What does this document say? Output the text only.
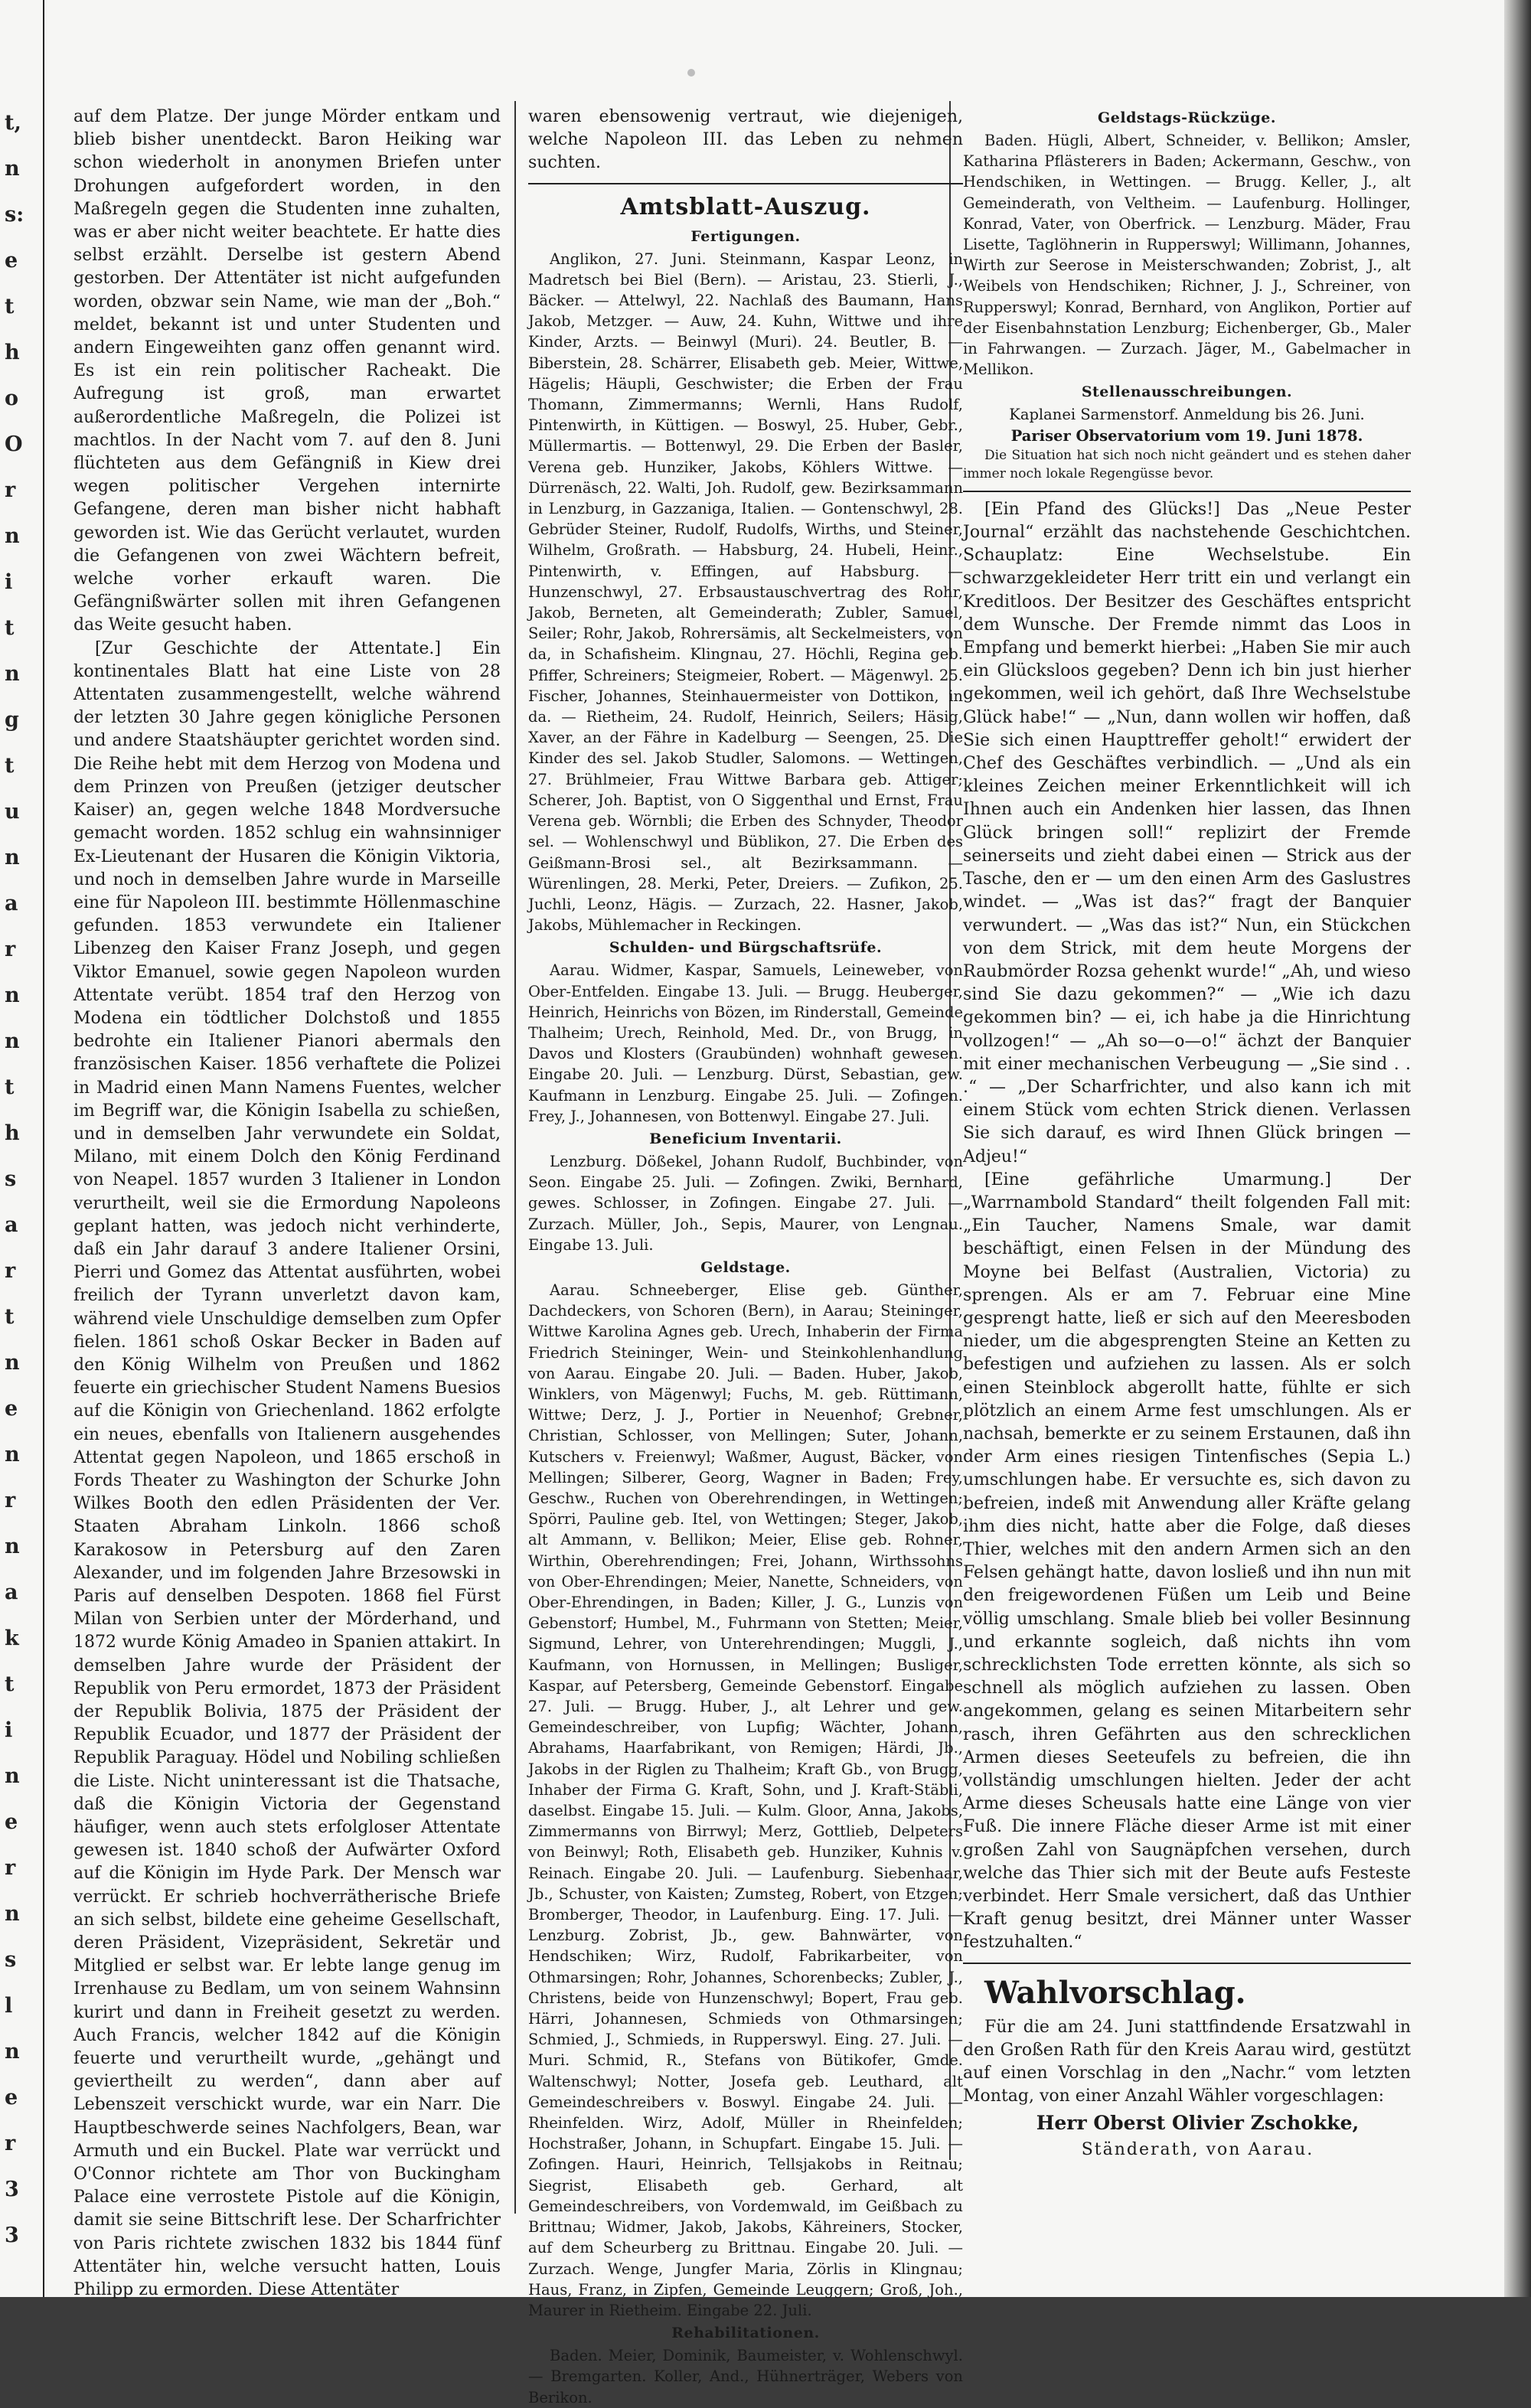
t,
n
s:
e
t
h
o
O
r
n
i
t
n
g
t
u
n
a
r
n
n
t
h
s
a
r
t
n
e
n
r
n
a
k
t
i
n
e
r
n
s
l
n
e
r
3
3

auf dem Platze. Der junge Mörder entkam und blieb bisher unentdeckt. Baron Heiking war schon wiederholt in anonymen Briefen unter Drohungen aufgefordert worden, in den Maßregeln gegen die Studenten inne zuhalten, was er aber nicht weiter beachtete. Er hatte dies selbst erzählt. Derselbe ist gestern Abend gestorben. Der Attentäter ist nicht aufgefunden worden, obzwar sein Name, wie man der „Boh.“ meldet, bekannt ist und unter Studenten und andern Eingeweihten ganz offen genannt wird. Es ist ein rein politischer Racheakt. Die Aufregung ist groß, man erwartet außerordentliche Maßregeln, die Polizei ist machtlos. In der Nacht vom 7. auf den 8. Juni flüchteten aus dem Gefängniß in Kiew drei wegen politischer Vergehen internirte Gefangene, deren man bisher nicht habhaft geworden ist. Wie das Gerücht verlautet, wurden die Gefangenen von zwei Wächtern befreit, welche vorher erkauft waren. Die Gefängnißwärter sollen mit ihren Gefangenen das Weite gesucht haben.

[Zur Geschichte der Attentate.] Ein kontinentales Blatt hat eine Liste von 28 Attentaten zusammengestellt, welche während der letzten 30 Jahre gegen königliche Personen und andere Staatshäupter gerichtet worden sind. Die Reihe hebt mit dem Herzog von Modena und dem Prinzen von Preußen (jetziger deutscher Kaiser) an, gegen welche 1848 Mordversuche gemacht worden. 1852 schlug ein wahnsinniger Ex-Lieutenant der Husaren die Königin Viktoria, und noch in demselben Jahre wurde in Marseille eine für Napoleon III. bestimmte Höllenmaschine gefunden. 1853 verwundete ein Italiener Libenzeg den Kaiser Franz Joseph, und gegen Viktor Emanuel, sowie gegen Napoleon wurden Attentate verübt. 1854 traf den Herzog von Modena ein tödtlicher Dolchstoß und 1855 bedrohte ein Italiener Pianori abermals den französischen Kaiser. 1856 verhaftete die Polizei in Madrid einen Mann Namens Fuentes, welcher im Begriff war, die Königin Isabella zu schießen, und in demselben Jahr verwundete ein Soldat, Milano, mit einem Dolch den König Ferdinand von Neapel. 1857 wurden 3 Italiener in London verurtheilt, weil sie die Ermordung Napoleons geplant hatten, was jedoch nicht verhinderte, daß ein Jahr darauf 3 andere Italiener Orsini, Pierri und Gomez das Attentat ausführten, wobei freilich der Tyrann unverletzt davon kam, während viele Unschuldige demselben zum Opfer fielen. 1861 schoß Oskar Becker in Baden auf den König Wilhelm von Preußen und 1862 feuerte ein griechischer Student Namens Buesios auf die Königin von Griechenland. 1862 erfolgte ein neues, ebenfalls von Italienern ausgehendes Attentat gegen Napoleon, und 1865 erschoß in Fords Theater zu Washington der Schurke John Wilkes Booth den edlen Präsidenten der Ver. Staaten Abraham Linkoln. 1866 schoß Karakosow in Petersburg auf den Zaren Alexander, und im folgenden Jahre Brzesowski in Paris auf denselben Despoten. 1868 fiel Fürst Milan von Serbien unter der Mörderhand, und 1872 wurde König Amadeo in Spanien attakirt. In demselben Jahre wurde der Präsident der Republik von Peru ermordet, 1873 der Präsident der Republik Bolivia, 1875 der Präsident der Republik Ecuador, und 1877 der Präsident der Republik Paraguay. Hödel und Nobiling schließen die Liste. Nicht uninteressant ist die Thatsache, daß die Königin Victoria der Gegenstand häufiger, wenn auch stets erfolgloser Attentate gewesen ist. 1840 schoß der Aufwärter Oxford auf die Königin im Hyde Park. Der Mensch war verrückt. Er schrieb hochverrätherische Briefe an sich selbst, bildete eine geheime Gesellschaft, deren Präsident, Vizepräsident, Sekretär und Mitglied er selbst war. Er lebte lange genug im Irrenhause zu Bedlam, um von seinem Wahnsinn kurirt und dann in Freiheit gesetzt zu werden. Auch Francis, welcher 1842 auf die Königin feuerte und verurtheilt wurde, „gehängt und geviertheilt zu werden“, dann aber auf Lebenszeit verschickt wurde, war ein Narr. Die Hauptbeschwerde seines Nachfolgers, Bean, war Armuth und ein Buckel. Plate war verrückt und O'Connor richtete am Thor von Buckingham Palace eine verrostete Pistole auf die Königin, damit sie seine Bittschrift lese. Der Scharfrichter von Paris richtete zwischen 1832 bis 1844 fünf Attentäter hin, welche versucht hatten, Louis Philipp zu ermorden. Diese Attentäter

waren ebensowenig vertraut, wie diejenigen, welche Napoleon III. das Leben zu nehmen suchten.

Amtsblatt-Auszug.
Fertigungen.

Anglikon, 27. Juni. Steinmann, Kaspar Leonz, in Madretsch bei Biel (Bern). — Aristau, 23. Stierli, J., Bäcker. — Attelwyl, 22. Nachlaß des Baumann, Hans Jakob, Metzger. — Auw, 24. Kuhn, Wittwe und ihre Kinder, Arzts. — Beinwyl (Muri). 24. Beutler, B. — Biberstein, 28. Schärrer, Elisabeth geb. Meier, Wittwe, Hägelis; Häupli, Geschwister; die Erben der Frau Thomann, Zimmermanns; Wernli, Hans Rudolf, Pintenwirth, in Küttigen. — Boswyl, 25. Huber, Gebr., Müllermartis. — Bottenwyl, 29. Die Erben der Basler, Verena geb. Hunziker, Jakobs, Köhlers Wittwe. — Dürrenäsch, 22. Walti, Joh. Rudolf, gew. Bezirksammann in Lenzburg, in Gazzaniga, Italien. — Gontenschwyl, 28. Gebrüder Steiner, Rudolf, Rudolfs, Wirths, und Steiner, Wilhelm, Großrath. — Habsburg, 24. Hubeli, Heinr., Pintenwirth, v. Effingen, auf Habsburg. — Hunzenschwyl, 27. Erbsaustauschvertrag des Rohr, Jakob, Berneten, alt Gemeinderath; Zubler, Samuel, Seiler; Rohr, Jakob, Rohrersämis, alt Seckelmeisters, von da, in Schafisheim. Klingnau, 27. Höchli, Regina geb. Pfiffer, Schreiners; Steigmeier, Robert. — Mägenwyl. 25. Fischer, Johannes, Steinhauermeister von Dottikon, in da. — Rietheim, 24. Rudolf, Heinrich, Seilers; Häsig, Xaver, an der Fähre in Kadelburg — Seengen, 25. Die Kinder des sel. Jakob Studler, Salomons. — Wettingen, 27. Brühlmeier, Frau Wittwe Barbara geb. Attiger; Scherer, Joh. Baptist, von O Siggenthal und Ernst, Frau Verena geb. Wörnbli; die Erben des Schnyder, Theodor sel. — Wohlenschwyl und Büblikon, 27. Die Erben des Geißmann-Brosi sel., alt Bezirksammann. — Würenlingen, 28. Merki, Peter, Dreiers. — Zufikon, 25. Juchli, Leonz, Hägis. — Zurzach, 22. Hasner, Jakob, Jakobs, Mühlemacher in Reckingen.

Schulden- und Bürgschaftsrüfe.

Aarau. Widmer, Kaspar, Samuels, Leineweber, von Ober-Entfelden. Eingabe 13. Juli. — Brugg. Heuberger, Heinrich, Heinrichs von Bözen, im Rinderstall, Gemeinde Thalheim; Urech, Reinhold, Med. Dr., von Brugg, in Davos und Klosters (Graubünden) wohnhaft gewesen. Eingabe 20. Juli. — Lenzburg. Dürst, Sebastian, gew. Kaufmann in Lenzburg. Eingabe 25. Juli. — Zofingen. Frey, J., Johannesen, von Bottenwyl. Eingabe 27. Juli.

Beneficium Inventarii.

Lenzburg. Dößekel, Johann Rudolf, Buchbinder, von Seon. Eingabe 25. Juli. — Zofingen. Zwiki, Bernhard, gewes. Schlosser, in Zofingen. Eingabe 27. Juli. — Zurzach. Müller, Joh., Sepis, Maurer, von Lengnau. Eingabe 13. Juli.

Geldstage.

Aarau. Schneeberger, Elise geb. Günther, Dachdeckers, von Schoren (Bern), in Aarau; Steininger, Wittwe Karolina Agnes geb. Urech, Inhaberin der Firma Friedrich Steininger, Wein- und Steinkohlenhandlung von Aarau. Eingabe 20. Juli. — Baden. Huber, Jakob, Winklers, von Mägenwyl; Fuchs, M. geb. Rüttimann, Wittwe; Derz, J. J., Portier in Neuenhof; Grebner, Christian, Schlosser, von Mellingen; Suter, Johann, Kutschers v. Freienwyl; Waßmer, August, Bäcker, von Mellingen; Silberer, Georg, Wagner in Baden; Frey, Geschw., Ruchen von Oberehrendingen, in Wettingen; Spörri, Pauline geb. Itel, von Wettingen; Steger, Jakob, alt Ammann, v. Bellikon; Meier, Elise geb. Rohner, Wirthin, Oberehrendingen; Frei, Johann, Wirthssohns von Ober-Ehrendingen; Meier, Nanette, Schneiders, von Ober-Ehrendingen, in Baden; Killer, J. G., Lunzis von Gebenstorf; Humbel, M., Fuhrmann von Stetten; Meier, Sigmund, Lehrer, von Unterehrendingen; Muggli, J., Kaufmann, von Hornussen, in Mellingen; Busliger, Kaspar, auf Petersberg, Gemeinde Gebenstorf. Eingabe 27. Juli. — Brugg. Huber, J., alt Lehrer und gew. Gemeindeschreiber, von Lupfig; Wächter, Johann, Abrahams, Haarfabrikant, von Remigen; Härdi, Jb., Jakobs in der Riglen zu Thalheim; Kraft Gb., von Brugg, Inhaber der Firma G. Kraft, Sohn, und J. Kraft-Stäbli, daselbst. Eingabe 15. Juli. — Kulm. Gloor, Anna, Jakobs, Zimmermanns von Birrwyl; Merz, Gottlieb, Delpeters von Beinwyl; Roth, Elisabeth geb. Hunziker, Kuhnis v. Reinach. Eingabe 20. Juli. — Laufenburg. Siebenhaar, Jb., Schuster, von Kaisten; Zumsteg, Robert, von Etzgen; Bromberger, Theodor, in Laufenburg. Eing. 17. Juli. — Lenzburg. Zobrist, Jb., gew. Bahnwärter, von Hendschiken; Wirz, Rudolf, Fabrikarbeiter, von Othmarsingen; Rohr, Johannes, Schorenbecks; Zubler, J., Christens, beide von Hunzenschwyl; Bopert, Frau geb. Härri, Johannesen, Schmieds von Othmarsingen; Schmied, J., Schmieds, in Rupperswyl. Eing. 27. Juli. — Muri. Schmid, R., Stefans von Bütikofer, Gmde. Waltenschwyl; Notter, Josefa geb. Leuthard, alt Gemeindeschreibers v. Boswyl. Eingabe 24. Juli. — Rheinfelden. Wirz, Adolf, Müller in Rheinfelden; Hochstraßer, Johann, in Schupfart. Eingabe 15. Juli. — Zofingen. Hauri, Heinrich, Tellsjakobs in Reitnau; Siegrist, Elisabeth geb. Gerhard, alt Gemeindeschreibers, von Vordemwald, im Geißbach zu Brittnau; Widmer, Jakob, Jakobs, Kähreiners, Stocker, auf dem Scheurberg zu Brittnau. Eingabe 20. Juli. — Zurzach. Wenge, Jungfer Maria, Zörlis in Klingnau; Haus, Franz, in Zipfen, Gemeinde Leuggern; Groß, Joh., Maurer in Rietheim. Eingabe 22. Juli.

Rehabilitationen.

Baden. Meier, Dominik, Baumeister, v. Wohlenschwyl. — Bremgarten. Koller, And., Hühnerträger, Webers von Berikon.

Geldstags-Rückzüge.

Baden. Hügli, Albert, Schneider, v. Bellikon; Amsler, Katharina Pflästerers in Baden; Ackermann, Geschw., von Hendschiken, in Wettingen. — Brugg. Keller, J., alt Gemeinderath, von Veltheim. — Laufenburg. Hollinger, Konrad, Vater, von Oberfrick. — Lenzburg. Mäder, Frau Lisette, Taglöhnerin in Rupperswyl; Willimann, Johannes, Wirth zur Seerose in Meisterschwanden; Zobrist, J., alt Weibels von Hendschiken; Richner, J. J., Schreiner, von Rupperswyl; Konrad, Bernhard, von Anglikon, Portier auf der Eisenbahnstation Lenzburg; Eichenberger, Gb., Maler in Fahrwangen. — Zurzach. Jäger, M., Gabelmacher in Mellikon.

Stellenausschreibungen.

Kaplanei Sarmenstorf. Anmeldung bis 26. Juni.

Pariser Observatorium vom 19. Juni 1878.

Die Situation hat sich noch nicht geändert und es stehen daher immer noch lokale Regengüsse bevor.

[Ein Pfand des Glücks!] Das „Neue Pester Journal“ erzählt das nachstehende Geschichtchen. Schauplatz: Eine Wechselstube. Ein schwarzgekleideter Herr tritt ein und verlangt ein Kreditloos. Der Besitzer des Geschäftes entspricht dem Wunsche. Der Fremde nimmt das Loos in Empfang und bemerkt hierbei: „Haben Sie mir auch ein Glücksloos gegeben? Denn ich bin just hierher gekommen, weil ich gehört, daß Ihre Wechselstube Glück habe!“ — „Nun, dann wollen wir hoffen, daß Sie sich einen Haupttreffer geholt!“ erwidert der Chef des Geschäftes verbindlich. — „Und als ein kleines Zeichen meiner Erkenntlichkeit will ich Ihnen auch ein Andenken hier lassen, das Ihnen Glück bringen soll!“ replizirt der Fremde seinerseits und zieht dabei einen — Strick aus der Tasche, den er — um den einen Arm des Gaslustres windet. — „Was ist das?“ fragt der Banquier verwundert. — „Was das ist?“ Nun, ein Stückchen von dem Strick, mit dem heute Morgens der Raubmörder Rozsa gehenkt wurde!“ „Ah, und wieso sind Sie dazu gekommen?“ — „Wie ich dazu gekommen bin? — ei, ich habe ja die Hinrichtung vollzogen!“ — „Ah so—o—o!“ ächzt der Banquier mit einer mechanischen Verbeugung — „Sie sind . . .“ — „Der Scharfrichter, und also kann ich mit einem Stück vom echten Strick dienen. Verlassen Sie sich darauf, es wird Ihnen Glück bringen — Adjeu!“

[Eine gefährliche Umarmung.] Der „Warrnambold Standard“ theilt folgenden Fall mit: „Ein Taucher, Namens Smale, war damit beschäftigt, einen Felsen in der Mündung des Moyne bei Belfast (Australien, Victoria) zu sprengen. Als er am 7. Februar eine Mine gesprengt hatte, ließ er sich auf den Meeresboden nieder, um die abgesprengten Steine an Ketten zu befestigen und aufziehen zu lassen. Als er solch einen Steinblock abgerollt hatte, fühlte er sich plötzlich an einem Arme fest umschlungen. Als er nachsah, bemerkte er zu seinem Erstaunen, daß ihn der Arm eines riesigen Tintenfisches (Sepia L.) umschlungen habe. Er versuchte es, sich davon zu befreien, indeß mit Anwendung aller Kräfte gelang ihm dies nicht, hatte aber die Folge, daß dieses Thier, welches mit den andern Armen sich an den Felsen gehängt hatte, davon losließ und ihn nun mit den freigewordenen Füßen um Leib und Beine völlig umschlang. Smale blieb bei voller Besinnung und erkannte sogleich, daß nichts ihn vom schrecklichsten Tode erretten könnte, als sich so schnell als möglich aufziehen zu lassen. Oben angekommen, gelang es seinen Mitarbeitern sehr rasch, ihren Gefährten aus den schrecklichen Armen dieses Seeteufels zu befreien, die ihn vollständig umschlungen hielten. Jeder der acht Arme dieses Scheusals hatte eine Länge von vier Fuß. Die innere Fläche dieser Arme ist mit einer großen Zahl von Saugnäpfchen versehen, durch welche das Thier sich mit der Beute aufs Festeste verbindet. Herr Smale versichert, daß das Unthier Kraft genug besitzt, drei Männer unter Wasser festzuhalten.“

Wahlvorschlag.

Für die am 24. Juni stattfindende Ersatzwahl in den Großen Rath für den Kreis Aarau wird, gestützt auf einen Vorschlag in den „Nachr.“ vom letzten Montag, von einer Anzahl Wähler vorgeschlagen:

Herr Oberst Olivier Zschokke,

Ständerath, von Aarau.
